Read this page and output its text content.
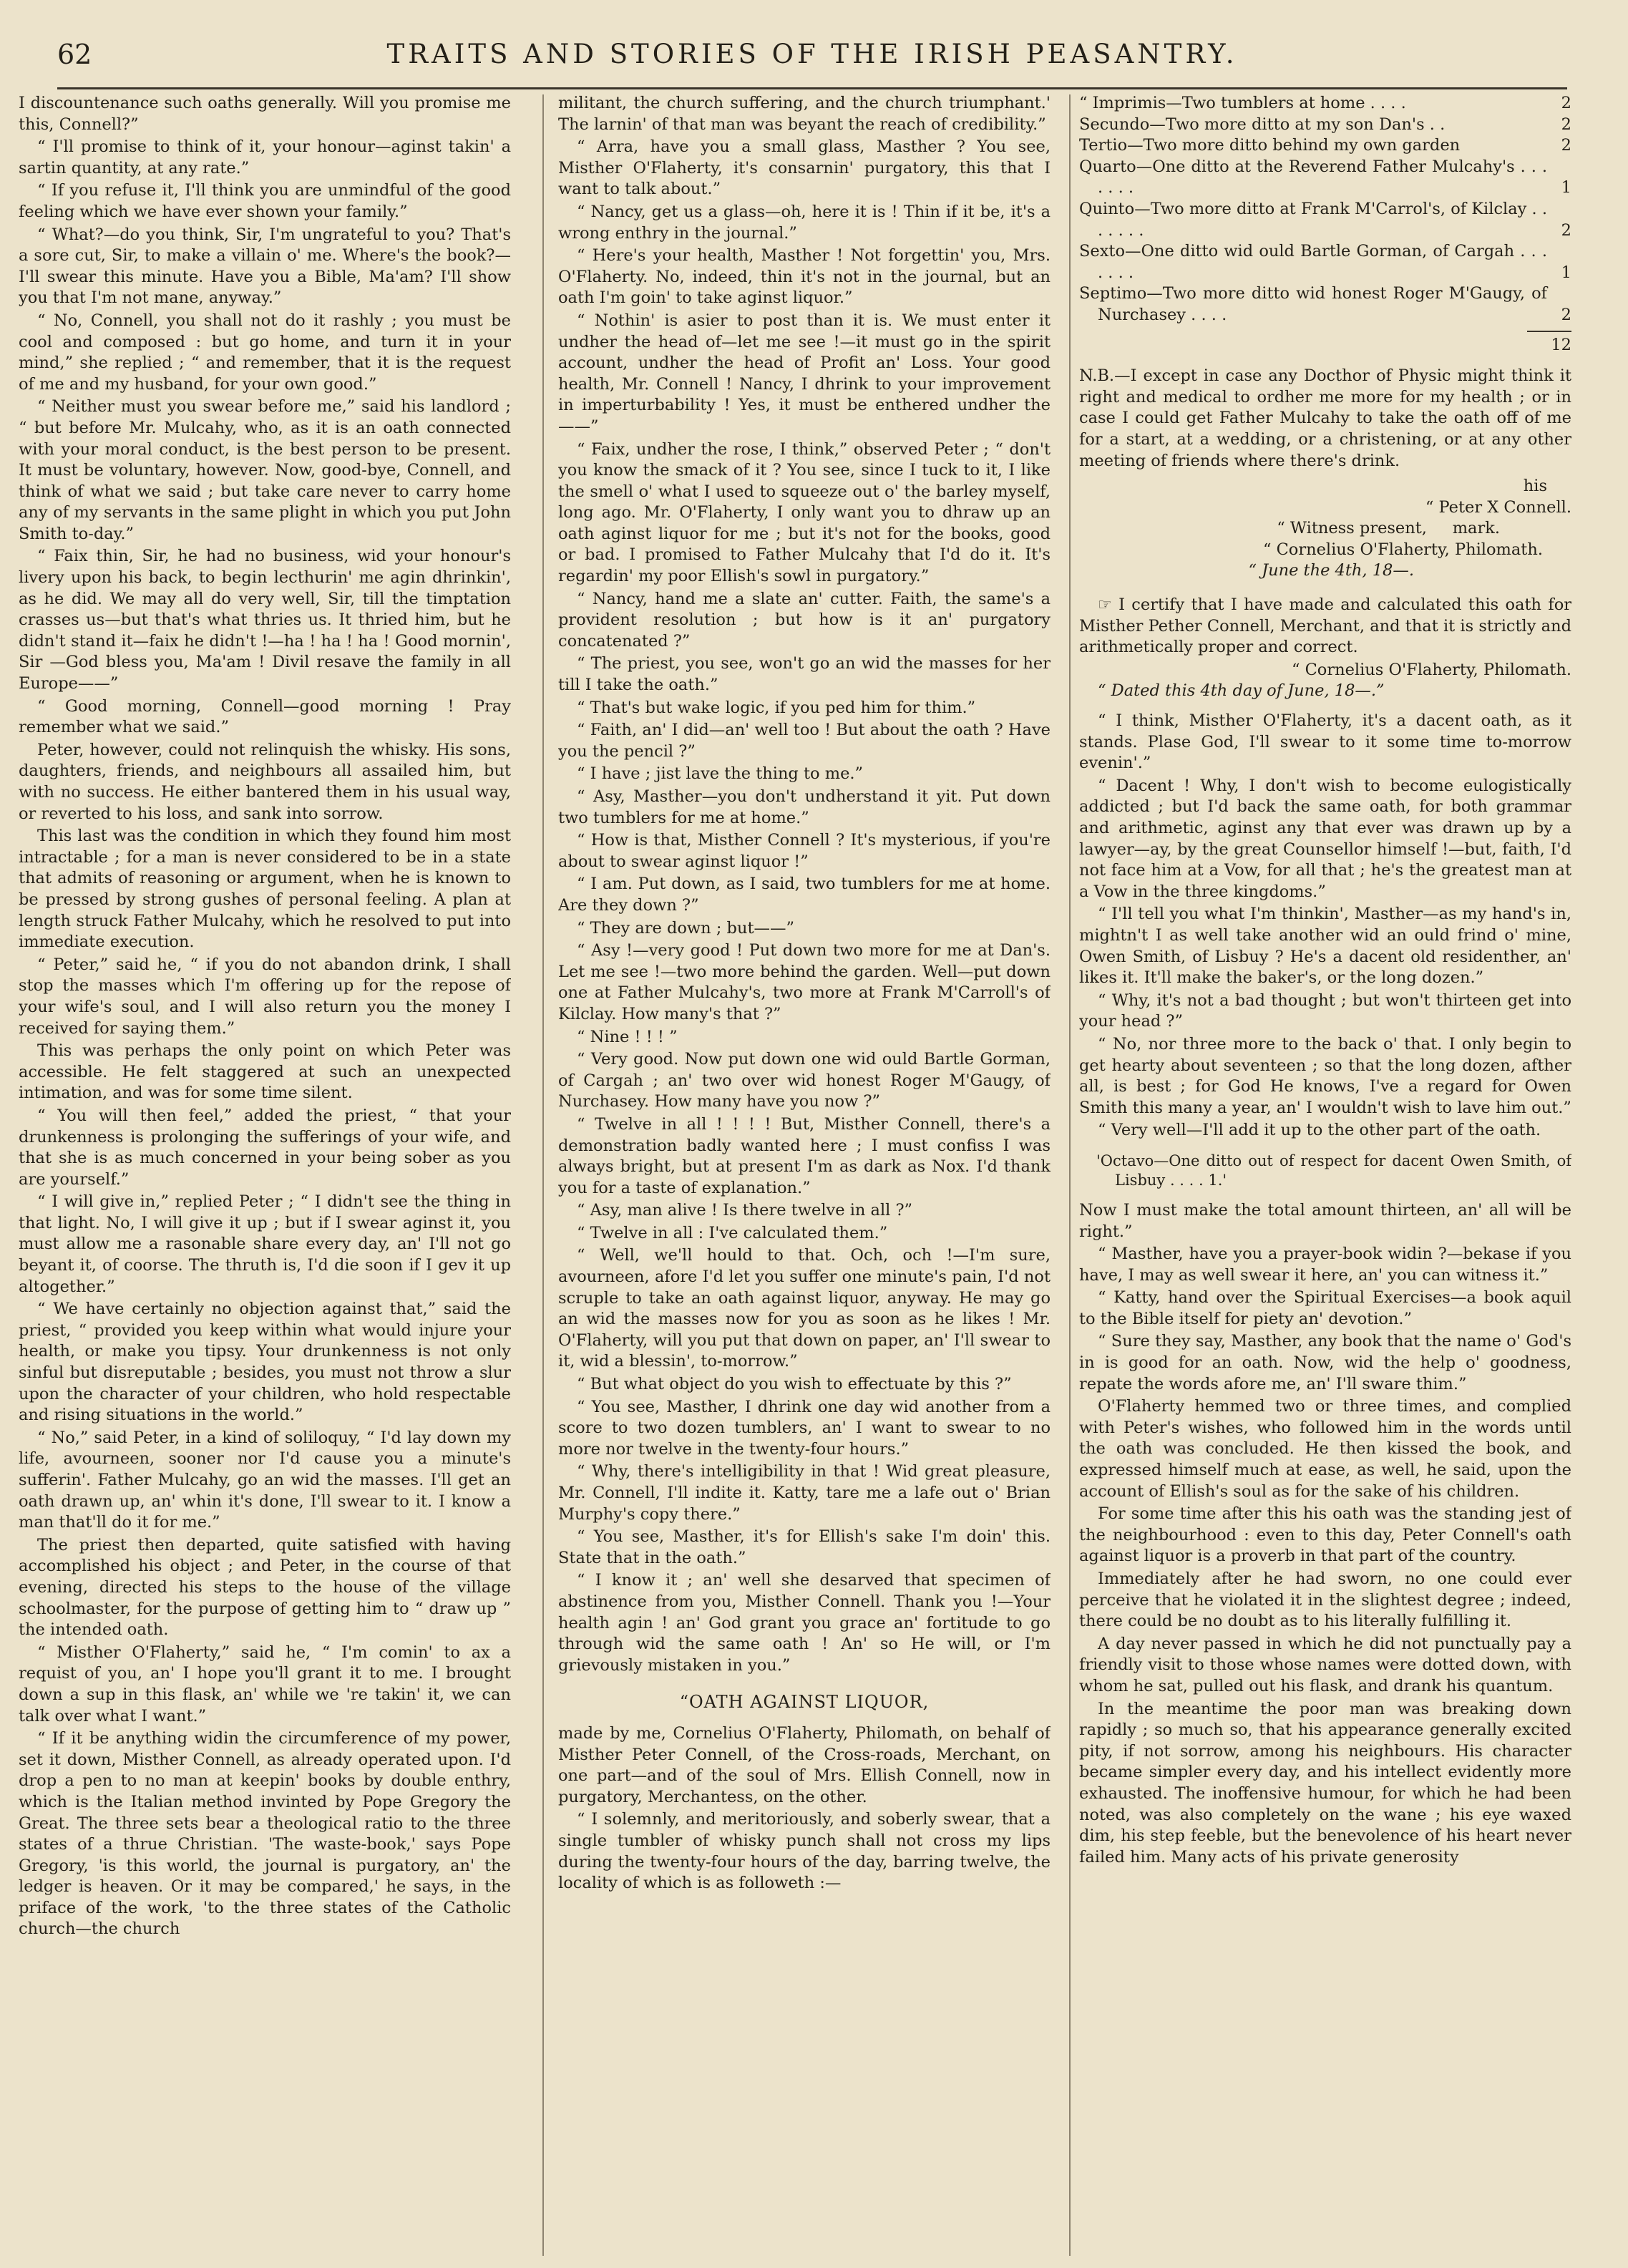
62	TRAITS AND STORIES OF THE IRISH PEASANTRY.

I discountenance such oaths generally. Will you promise me this, Connell?”

“ I'll promise to think of it, your honour—aginst takin' a sartin quantity, at any rate.”

“ If you refuse it, I'll think you are unmindful of the good feeling which we have ever shown your family.”

“ What?—do you think, Sir, I'm ungrateful to you? That's a sore cut, Sir, to make a villain o' me. Where's the book?—I'll swear this minute. Have you a Bible, Ma'am? I'll show you that I'm not mane, anyway.”

“ No, Connell, you shall not do it rashly ; you must be cool and composed : but go home, and turn it in your mind,” she replied ; “ and remember, that it is the request of me and my husband, for your own good.”

“ Neither must you swear before me,” said his landlord ; “ but before Mr. Mulcahy, who, as it is an oath connected with your moral conduct, is the best person to be present. It must be voluntary, however. Now, good-bye, Connell, and think of what we said ; but take care never to carry home any of my servants in the same plight in which you put John Smith to-day.”

“ Faix thin, Sir, he had no business, wid your honour's livery upon his back, to begin lecthurin' me agin dhrinkin', as he did. We may all do very well, Sir, till the timptation crasses us—but that's what thries us. It thried him, but he didn't stand it—faix he didn't !—ha ! ha ! ha ! Good mornin', Sir —God bless you, Ma'am ! Divil resave the family in all Europe——”

“ Good morning, Connell—good morning ! Pray remember what we said.”

Peter, however, could not relinquish the whisky. His sons, daughters, friends, and neighbours all assailed him, but with no success. He either bantered them in his usual way, or reverted to his loss, and sank into sorrow.

This last was the condition in which they found him most intractable ; for a man is never considered to be in a state that admits of reasoning or argument, when he is known to be pressed by strong gushes of personal feeling. A plan at length struck Father Mulcahy, which he resolved to put into immediate execution.

“ Peter,” said he, “ if you do not abandon drink, I shall stop the masses which I'm offering up for the repose of your wife's soul, and I will also return you the money I received for saying them.”

This was perhaps the only point on which Peter was accessible. He felt staggered at such an unexpected intimation, and was for some time silent.

“ You will then feel,” added the priest, “ that your drunkenness is prolonging the sufferings of your wife, and that she is as much concerned in your being sober as you are yourself.”

“ I will give in,” replied Peter ; “ I didn't see the thing in that light. No, I will give it up ; but if I swear aginst it, you must allow me a rasonable share every day, an' I'll not go beyant it, of coorse. The thruth is, I'd die soon if I gev it up altogether.”

“ We have certainly no objection against that,” said the priest, “ provided you keep within what would injure your health, or make you tipsy. Your drunkenness is not only sinful but disreputable ; besides, you must not throw a slur upon the character of your children, who hold respectable and rising situations in the world.”

“ No,” said Peter, in a kind of soliloquy, “ I'd lay down my life, avourneen, sooner nor I'd cause you a minute's sufferin'. Father Mulcahy, go an wid the masses. I'll get an oath drawn up, an' whin it's done, I'll swear to it. I know a man that'll do it for me.”

The priest then departed, quite satisfied with having accomplished his object ; and Peter, in the course of that evening, directed his steps to the house of the village schoolmaster, for the purpose of getting him to “ draw up ” the intended oath.

“ Misther O'Flaherty,” said he, “ I'm comin' to ax a requist of you, an' I hope you'll grant it to me. I brought down a sup in this flask, an' while we 're takin' it, we can talk over what I want.”

“ If it be anything widin the circumference of my power, set it down, Misther Connell, as already operated upon. I'd drop a pen to no man at keepin' books by double enthry, which is the Italian method invinted by Pope Gregory the Great. The three sets bear a theological ratio to the three states of a thrue Christian. 'The waste-book,' says Pope Gregory, 'is this world, the journal is purgatory, an' the ledger is heaven. Or it may be compared,' he says, in the priface of the work, 'to the three states of the Catholic church—the church

militant, the church suffering, and the church triumphant.' The larnin' of that man was beyant the reach of credibility.”

“ Arra, have you a small glass, Masther ? You see, Misther O'Flaherty, it's consarnin' purgatory, this that I want to talk about.”

“ Nancy, get us a glass—oh, here it is ! Thin if it be, it's a wrong enthry in the journal.”

“ Here's your health, Masther ! Not forgettin' you, Mrs. O'Flaherty. No, indeed, thin it's not in the journal, but an oath I'm goin' to take aginst liquor.”

“ Nothin' is asier to post than it is. We must enter it undher the head of—let me see !—it must go in the spirit account, undher the head of Profit an' Loss. Your good health, Mr. Connell ! Nancy, I dhrink to your improvement in imperturbability ! Yes, it must be enthered undher the——”

“ Faix, undher the rose, I think,” observed Peter ; “ don't you know the smack of it ? You see, since I tuck to it, I like the smell o' what I used to squeeze out o' the barley myself, long ago. Mr. O'Flaherty, I only want you to dhraw up an oath aginst liquor for me ; but it's not for the books, good or bad. I promised to Father Mulcahy that I'd do it. It's regardin' my poor Ellish's sowl in purgatory.”

“ Nancy, hand me a slate an' cutter. Faith, the same's a provident resolution ; but how is it an' purgatory concatenated ?”

“ The priest, you see, won't go an wid the masses for her till I take the oath.”

“ That's but wake logic, if you ped him for thim.”

“ Faith, an' I did—an' well too ! But about the oath ? Have you the pencil ?”

“ I have ; jist lave the thing to me.”

“ Asy, Masther—you don't undherstand it yit. Put down two tumblers for me at home.”

“ How is that, Misther Connell ? It's mysterious, if you're about to swear aginst liquor !”

“ I am. Put down, as I said, two tumblers for me at home. Are they down ?”

“ They are down ; but——”

“ Asy !—very good ! Put down two more for me at Dan's. Let me see !—two more behind the garden. Well—put down one at Father Mulcahy's, two more at Frank M'Carroll's of Kilclay. How many's that ?”

“ Nine ! ! ! ”

“ Very good. Now put down one wid ould Bartle Gorman, of Cargah ; an' two over wid honest Roger M'Gaugy, of Nurchasey. How many have you now ?”

“ Twelve in all ! ! ! ! But, Misther Connell, there's a demonstration badly wanted here ; I must confiss I was always bright, but at present I'm as dark as Nox. I'd thank you for a taste of explanation.”

“ Asy, man alive ! Is there twelve in all ?”

“ Twelve in all : I've calculated them.”

“ Well, we'll hould to that. Och, och !—I'm sure, avourneen, afore I'd let you suffer one minute's pain, I'd not scruple to take an oath against liquor, anyway. He may go an wid the masses now for you as soon as he likes ! Mr. O'Flaherty, will you put that down on paper, an' I'll swear to it, wid a blessin', to-morrow.”

“ But what object do you wish to effectuate by this ?”

“ You see, Masther, I dhrink one day wid another from a score to two dozen tumblers, an' I want to swear to no more nor twelve in the twenty-four hours.”

“ Why, there's intelligibility in that ! Wid great pleasure, Mr. Connell, I'll indite it. Katty, tare me a lafe out o' Brian Murphy's copy there.”

“ You see, Masther, it's for Ellish's sake I'm doin' this. State that in the oath.”

“ I know it ; an' well she desarved that specimen of abstinence from you, Misther Connell. Thank you !—Your health agin ! an' God grant you grace an' fortitude to go through wid the same oath ! An' so He will, or I'm grievously mistaken in you.”

“OATH AGAINST LIQUOR,

made by me, Cornelius O'Flaherty, Philomath, on behalf of Misther Peter Connell, of the Cross-roads, Merchant, on one part—and of the soul of Mrs. Ellish Connell, now in purgatory, Merchantess, on the other.

“ I solemnly, and meritoriously, and soberly swear, that a single tumbler of whisky punch shall not cross my lips during the twenty-four hours of the day, barring twelve, the locality of which is as followeth :—

“ Imprimis—Two tumblers at home . . . .	2
Secundo—Two more ditto at my son Dan's . .	2
Tertio—Two more ditto behind my own garden	2
Quarto—One ditto at the Reverend Father Mulcahy's . . . . . . .	1
Quinto—Two more ditto at Frank M'Carrol's, of Kilclay . . . . . . .	2
Sexto—One ditto wid ould Bartle Gorman, of Cargah . . . . . . .	1
Septimo—Two more ditto wid honest Roger M'Gaugy, of Nurchasey . . . .	2
12

N.B.—I except in case any Docthor of Physic might think it right and medical to ordher me more for my health ; or in case I could get Father Mulcahy to take the oath off of me for a start, at a wedding, or a christening, or at any other meeting of friends where there's drink.

his

“ Peter X Connell.

“ Witness present, mark.

“ Cornelius O'Flaherty, Philomath.

“ June the 4th, 18—.

☞ I certify that I have made and calculated this oath for Misther Pether Connell, Merchant, and that it is strictly and arithmetically proper and correct.

“ Cornelius O'Flaherty, Philomath.

“ Dated this 4th day of June, 18—.”

“ I think, Misther O'Flaherty, it's a dacent oath, as it stands. Plase God, I'll swear to it some time to-morrow evenin'.”

“ Dacent ! Why, I don't wish to become eulogistically addicted ; but I'd back the same oath, for both grammar and arithmetic, aginst any that ever was drawn up by a lawyer—ay, by the great Counsellor himself !—but, faith, I'd not face him at a Vow, for all that ; he's the greatest man at a Vow in the three kingdoms.”

“ I'll tell you what I'm thinkin', Masther—as my hand's in, mightn't I as well take another wid an ould frind o' mine, Owen Smith, of Lisbuy ? He's a dacent old residenther, an' likes it. It'll make the baker's, or the long dozen.”

“ Why, it's not a bad thought ; but won't thirteen get into your head ?”

“ No, nor three more to the back o' that. I only begin to get hearty about seventeen ; so that the long dozen, afther all, is best ; for God He knows, I've a regard for Owen Smith this many a year, an' I wouldn't wish to lave him out.”

“ Very well—I'll add it up to the other part of the oath.

'Octavo—One ditto out of respect for dacent Owen Smith, of Lisbuy . . . . 1.'

Now I must make the total amount thirteen, an' all will be right.”

“ Masther, have you a prayer-book widin ?—bekase if you have, I may as well swear it here, an' you can witness it.”

“ Katty, hand over the Spiritual Exercises—a book aquil to the Bible itself for piety an' devotion.”

“ Sure they say, Masther, any book that the name o' God's in is good for an oath. Now, wid the help o' goodness, repate the words afore me, an' I'll sware thim.”

O'Flaherty hemmed two or three times, and complied with Peter's wishes, who followed him in the words until the oath was concluded. He then kissed the book, and expressed himself much at ease, as well, he said, upon the account of Ellish's soul as for the sake of his children.

For some time after this his oath was the standing jest of the neighbourhood : even to this day, Peter Connell's oath against liquor is a proverb in that part of the country.

Immediately after he had sworn, no one could ever perceive that he violated it in the slightest degree ; indeed, there could be no doubt as to his literally fulfilling it.

A day never passed in which he did not punctually pay a friendly visit to those whose names were dotted down, with whom he sat, pulled out his flask, and drank his quantum.

In the meantime the poor man was breaking down rapidly ; so much so, that his appearance generally excited pity, if not sorrow, among his neighbours. His character became simpler every day, and his intellect evidently more exhausted. The inoffensive humour, for which he had been noted, was also completely on the wane ; his eye waxed dim, his step feeble, but the benevolence of his heart never failed him. Many acts of his private generosity
